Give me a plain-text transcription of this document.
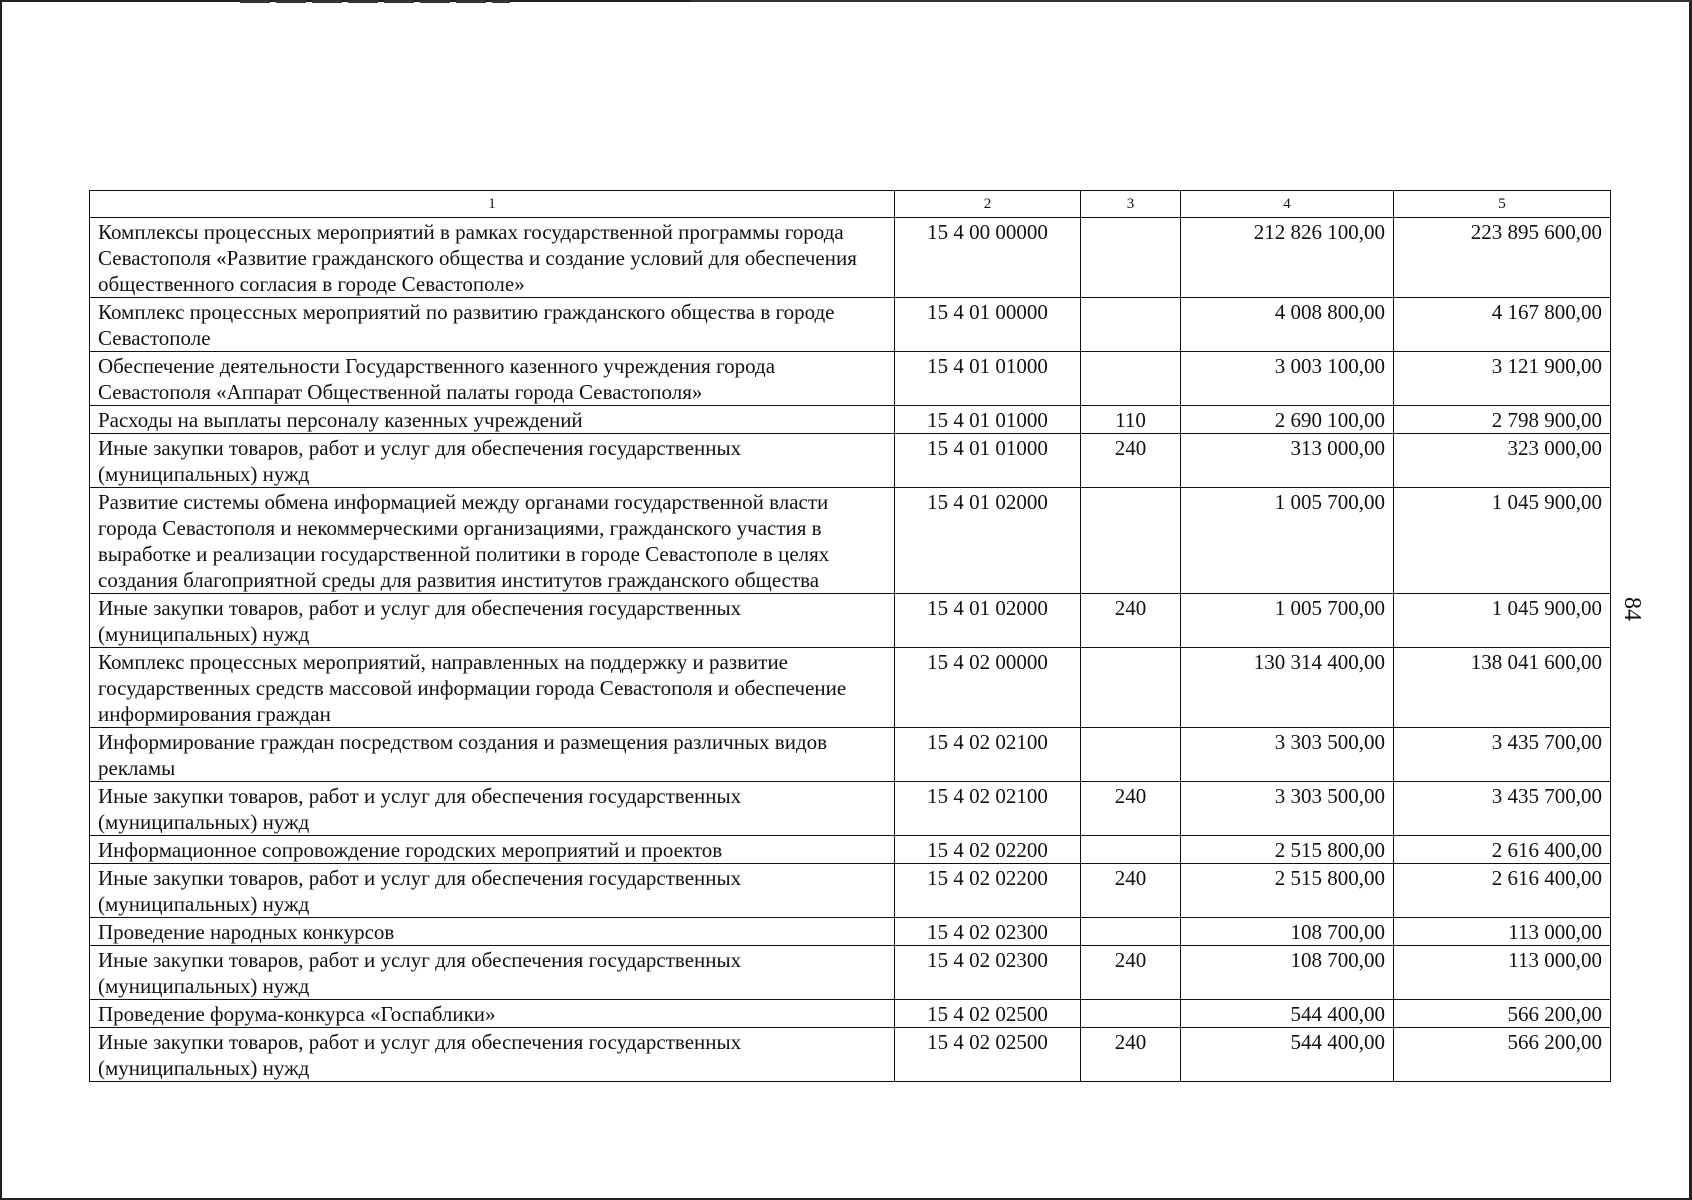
84
1	2	3	4	5
Комплексы процессных мероприятий в рамках государственной программы города Севастополя «Развитие гражданского общества и создание условий для обеспечения общественного согласия в городе Севастополе»	15 4 00 00000		212 826 100,00	223 895 600,00
Комплекс процессных мероприятий по развитию гражданского общества в городе Севастополе	15 4 01 00000		4 008 800,00	4 167 800,00
Обеспечение деятельности Государственного казенного учреждения города Севастополя «Аппарат Общественной палаты города Севастополя»	15 4 01 01000		3 003 100,00	3 121 900,00
Расходы на выплаты персоналу казенных учреждений	15 4 01 01000	110	2 690 100,00	2 798 900,00
Иные закупки товаров, работ и услуг для обеспечения государственных (муниципальных) нужд	15 4 01 01000	240	313 000,00	323 000,00
Развитие системы обмена информацией между органами государственной власти города Севастополя и некоммерческими организациями, гражданского участия в выработке и реализации государственной политики в городе Севастополе в целях создания благоприятной среды для развития институтов гражданского общества	15 4 01 02000		1 005 700,00	1 045 900,00
Иные закупки товаров, работ и услуг для обеспечения государственных (муниципальных) нужд	15 4 01 02000	240	1 005 700,00	1 045 900,00
Комплекс процессных мероприятий, направленных на поддержку и развитие государственных средств массовой информации города Севастополя и обеспечение информирования граждан	15 4 02 00000		130 314 400,00	138 041 600,00
Информирование граждан посредством создания и размещения различных видов рекламы	15 4 02 02100		3 303 500,00	3 435 700,00
Иные закупки товаров, работ и услуг для обеспечения государственных (муниципальных) нужд	15 4 02 02100	240	3 303 500,00	3 435 700,00
Информационное сопровождение городских мероприятий и проектов	15 4 02 02200		2 515 800,00	2 616 400,00
Иные закупки товаров, работ и услуг для обеспечения государственных (муниципальных) нужд	15 4 02 02200	240	2 515 800,00	2 616 400,00
Проведение народных конкурсов	15 4 02 02300		108 700,00	113 000,00
Иные закупки товаров, работ и услуг для обеспечения государственных (муниципальных) нужд	15 4 02 02300	240	108 700,00	113 000,00
Проведение форума-конкурса «Госпаблики»	15 4 02 02500		544 400,00	566 200,00
Иные закупки товаров, работ и услуг для обеспечения государственных (муниципальных) нужд	15 4 02 02500	240	544 400,00	566 200,00
